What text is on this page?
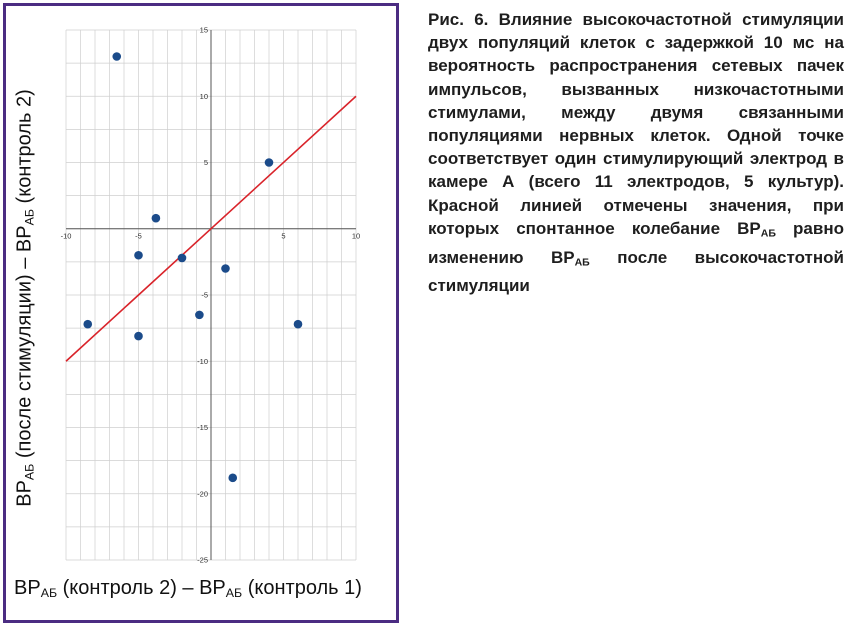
-10	-5	5	10
15
10
5
-5
-10
-15
-20
-25
$ВР_{АБ}$ (контроль $2) - ВР_{АБ}$ (контроль 1)
$ВР_{АБ}$ (после стимуляции) – $ВР_{АБ}$ (контроль 2)
Рис. 6. Влияние высокочастотной стимуляции двух популяций клеток с задержкой 10 мс на вероятность распространения сетевых пачек импульсов, вызванных низкочастотными стимулами, между двумя связанными популяциями нервных клеток. Одной точке соответствует один стимулирующий электрод в камере А (всего 11 электродов, 5 культур). Красной линией отмечены значения, при которых спонтанное колебание $ВР_{АБ}$ равно изменению $ВР_{АБ}$ после высокочастотной стимуляции
